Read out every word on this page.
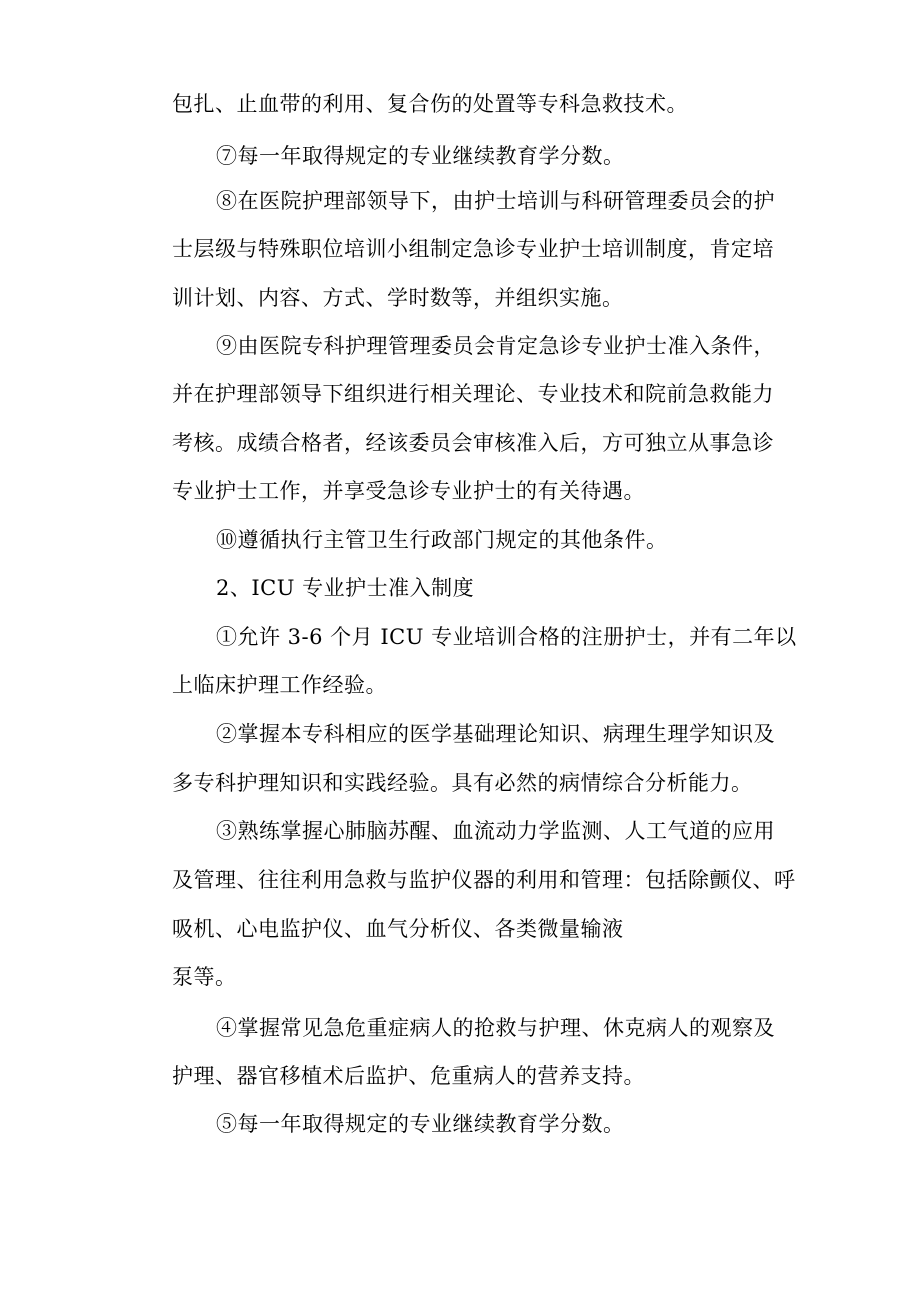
包扎、止血带的利用、复合伤的处置等专科急救技术。
⑦每一年取得规定的专业继续教育学分数。
⑧在医院护理部领导下，由护士培训与科研管理委员会的护
士层级与特殊职位培训小组制定急诊专业护士培训制度，肯定培
训计划、内容、方式、学时数等，并组织实施。
⑨由医院专科护理管理委员会肯定急诊专业护士准入条件，
并在护理部领导下组织进行相关理论、专业技术和院前急救能力
考核。成绩合格者，经该委员会审核准入后，方可独立从事急诊
专业护士工作，并享受急诊专业护士的有关待遇。
⑩遵循执行主管卫生行政部门规定的其他条件。
2、ICU 专业护士准入制度
①允许 3-6 个月 ICU 专业培训合格的注册护士，并有二年以
上临床护理工作经验。
②掌握本专科相应的医学基础理论知识、病理生理学知识及
多专科护理知识和实践经验。具有必然的病情综合分析能力。
③熟练掌握心肺脑苏醒、血流动力学监测、人工气道的应用
及管理、往往利用急救与监护仪器的利用和管理：包括除颤仪、呼
吸机、心电监护仪、血气分析仪、各类微量输液
泵等。
④掌握常见急危重症病人的抢救与护理、休克病人的观察及
护理、器官移植术后监护、危重病人的营养支持。
⑤每一年取得规定的专业继续教育学分数。
